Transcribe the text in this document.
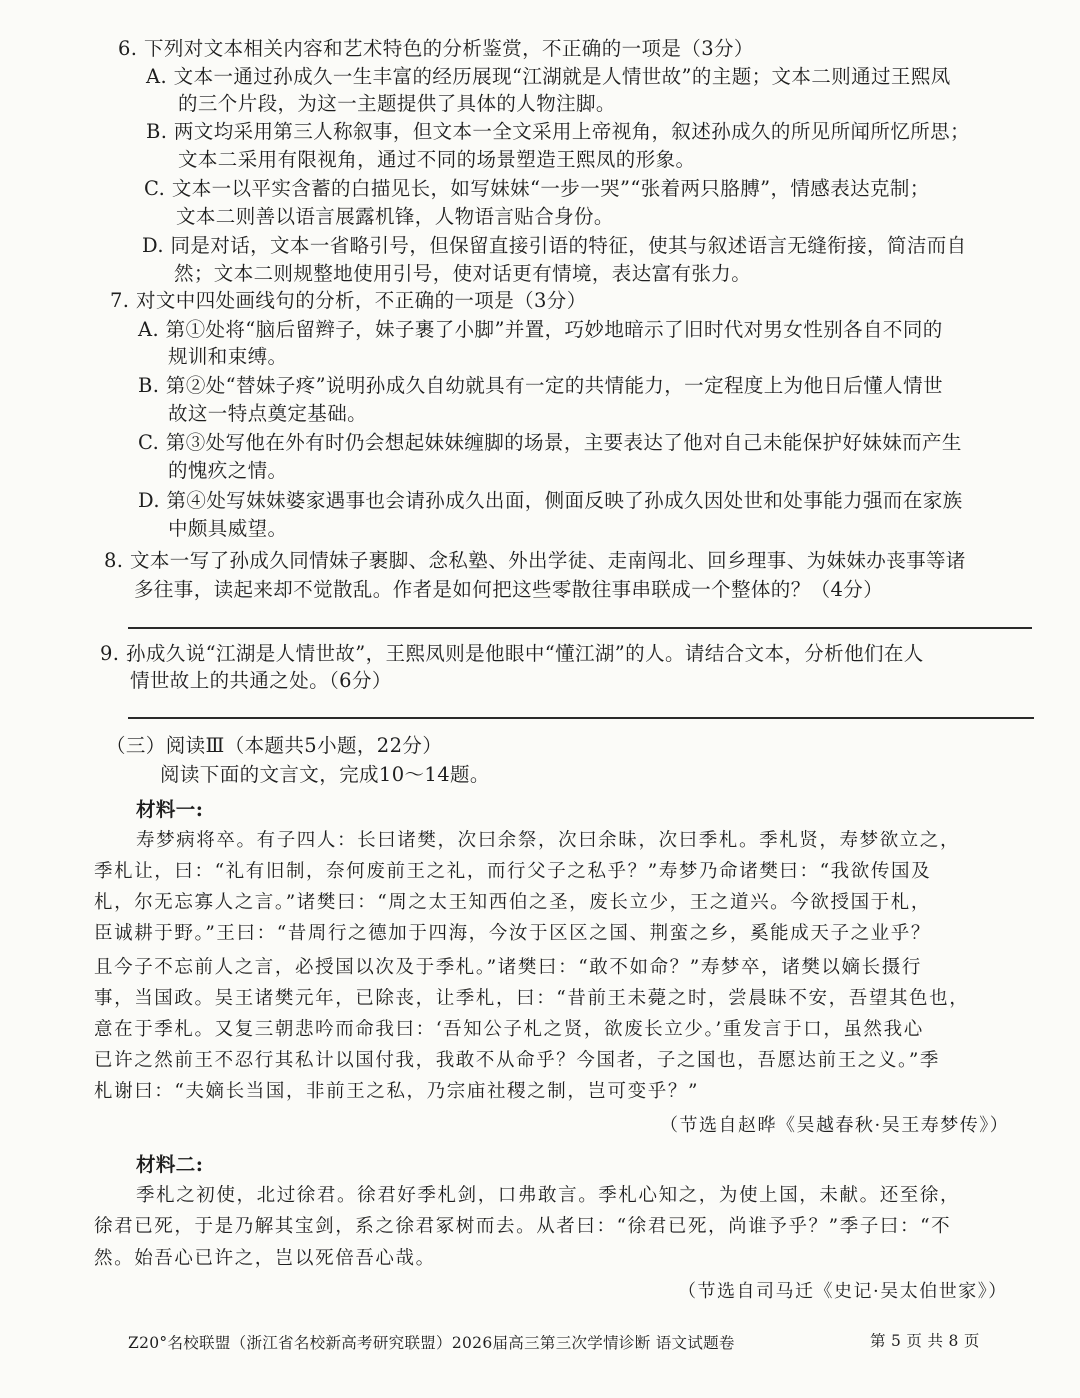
6. 下列对文本相关内容和艺术特色的分析鉴赏，不正确的一项是（3分）
A. 文本一通过孙成久一生丰富的经历展现“江湖就是人情世故”的主题；文本二则通过王熙凤
的三个片段，为这一主题提供了具体的人物注脚。
B. 两文均采用第三人称叙事，但文本一全文采用上帝视角，叙述孙成久的所见所闻所忆所思；
文本二采用有限视角，通过不同的场景塑造王熙凤的形象。
C. 文本一以平实含蓄的白描见长，如写妹妹“一步一哭”“张着两只胳膊”，情感表达克制；
文本二则善以语言展露机锋，人物语言贴合身份。
D. 同是对话，文本一省略引号，但保留直接引语的特征，使其与叙述语言无缝衔接，简洁而自
然；文本二则规整地使用引号，使对话更有情境，表达富有张力。
7. 对文中四处画线句的分析，不正确的一项是（3分）
A. 第①处将“脑后留辫子，妹子裹了小脚”并置，巧妙地暗示了旧时代对男女性别各自不同的
规训和束缚。
B. 第②处“替妹子疼”说明孙成久自幼就具有一定的共情能力，一定程度上为他日后懂人情世
故这一特点奠定基础。
C. 第③处写他在外有时仍会想起妹妹缠脚的场景，主要表达了他对自己未能保护好妹妹而产生
的愧疚之情。
D. 第④处写妹妹婆家遇事也会请孙成久出面，侧面反映了孙成久因处世和处事能力强而在家族
中颇具威望。
8. 文本一写了孙成久同情妹子裹脚、念私塾、外出学徒、走南闯北、回乡理事、为妹妹办丧事等诸
多往事，读起来却不觉散乱。作者是如何把这些零散往事串联成一个整体的？（4分）
9. 孙成久说“江湖是人情世故”，王熙凤则是他眼中“懂江湖”的人。请结合文本，分析他们在人
情世故上的共通之处。（6分）
（三）阅读Ⅲ（本题共5小题，22分）
阅读下面的文言文，完成10～14题。
材料一:
寿梦病将卒。有子四人：长曰诸樊，次曰余祭，次曰余昧，次曰季札。季札贤，寿梦欲立之，
季札让，曰：“礼有旧制，奈何废前王之礼，而行父子之私乎？”寿梦乃命诸樊曰：“我欲传国及
札，尔无忘寡人之言。”诸樊曰：“周之太王知西伯之圣，废长立少，王之道兴。今欲授国于札，
臣诚耕于野。”王曰：“昔周行之德加于四海，今汝于区区之国、荆蛮之乡，奚能成天子之业乎？
且今子不忘前人之言，必授国以次及于季札。”诸樊曰：“敢不如命？”寿梦卒，诸樊以嫡长摄行
事，当国政。吴王诸樊元年，已除丧，让季札，曰：“昔前王未薨之时，尝晨昧不安，吾望其色也，
意在于季札。又复三朝悲吟而命我曰：‘吾知公子札之贤，欲废长立少。’重发言于口，虽然我心
已许之然前王不忍行其私计以国付我，我敢不从命乎？今国者，子之国也，吾愿达前王之义。”季
札谢曰：“夫嫡长当国，非前王之私，乃宗庙社稷之制，岂可变乎？”
（节选自赵晔《吴越春秋·吴王寿梦传》）
材料二:
季札之初使，北过徐君。徐君好季札剑，口弗敢言。季札心知之，为使上国，未献。还至徐，
徐君已死，于是乃解其宝剑，系之徐君冢树而去。从者曰：“徐君已死，尚谁予乎？”季子曰：“不
然。始吾心已许之，岂以死倍吾心哉。
（节选自司马迁《史记·吴太伯世家》）
Z20°名校联盟（浙江省名校新高考研究联盟）2026届高三第三次学情诊断 语文试题卷	第 5 页 共 8 页
